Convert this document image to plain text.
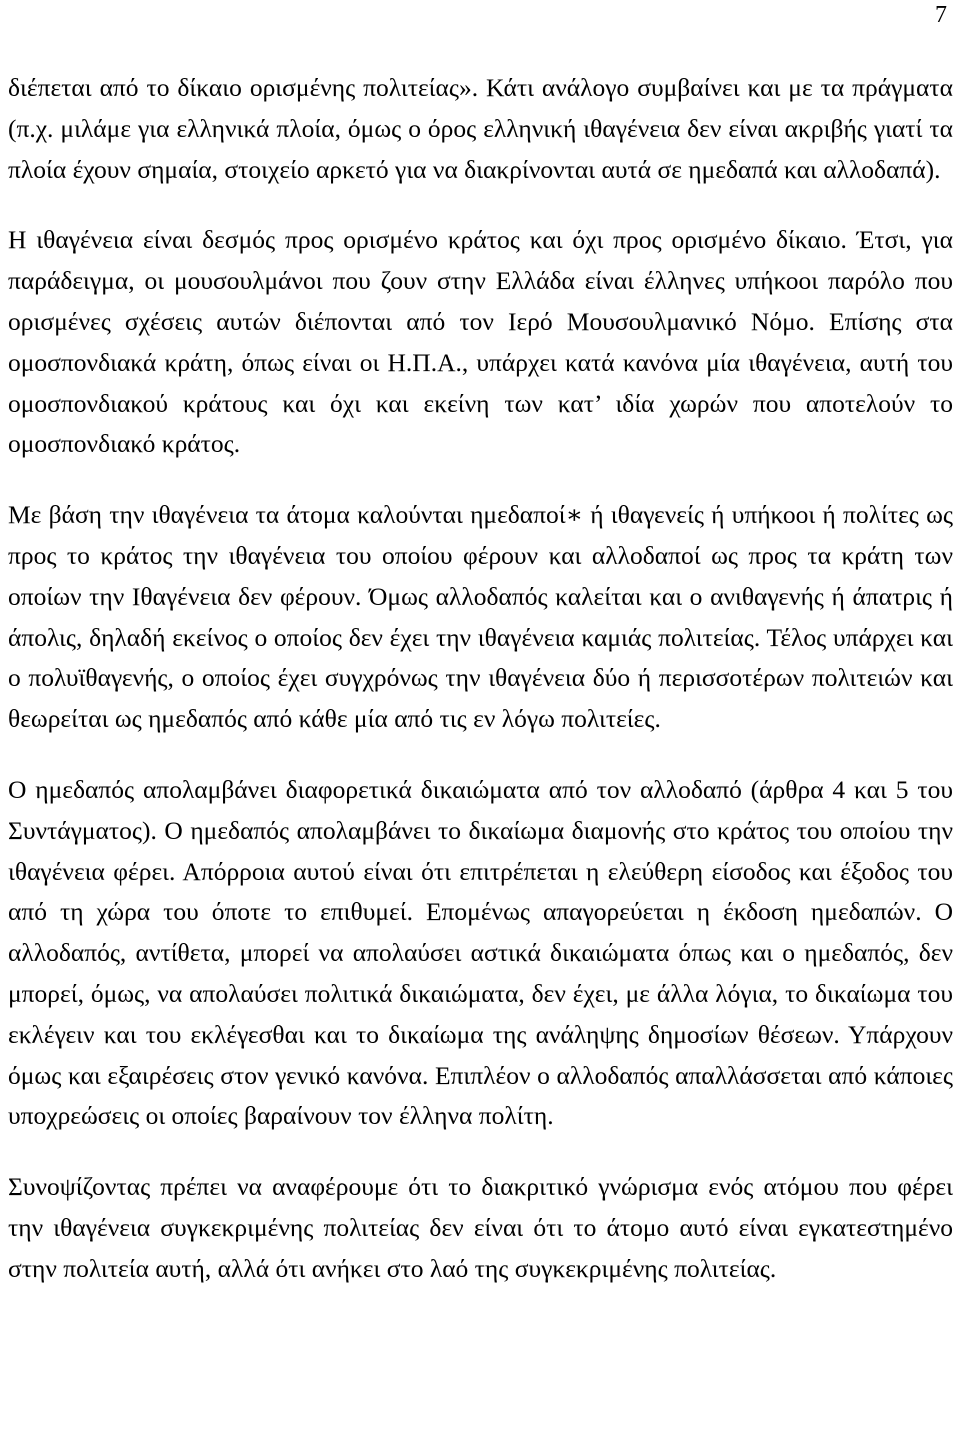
7

διέπεται από το δίκαιο ορισμένης πολιτείας». Κάτι ανάλογο συμβαίνει και με τα πράγματα (π.χ. μιλάμε για ελληνικά πλοία, όμως ο όρος ελληνική ιθαγένεια δεν είναι ακριβής γιατί τα πλοία έχουν σημαία, στοιχείο αρκετό για να διακρίνονται αυτά σε ημεδαπά και αλλοδαπά).

Η ιθαγένεια είναι δεσμός προς ορισμένο κράτος και όχι προς ορισμένο δίκαιο. Έτσι, για παράδειγμα, οι μουσουλμάνοι που ζουν στην Ελλάδα είναι έλληνες υπήκοοι παρόλο που ορισμένες σχέσεις αυτών διέπονται από τον Ιερό Μουσουλμανικό Νόμο. Επίσης στα ομοσπονδιακά κράτη, όπως είναι οι Η.Π.Α., υπάρχει κατά κανόνα μία ιθαγένεια, αυτή του ομοσπονδιακού κράτους και όχι και εκείνη των κατ’ ιδία χωρών που αποτελούν το ομοσπονδιακό κράτος.

Με βάση την ιθαγένεια τα άτομα καλούνται ημεδαποί∗ ή ιθαγενείς ή υπήκοοι ή πολίτες ως προς το κράτος την ιθαγένεια του οποίου φέρουν και αλλοδαποί ως προς τα κράτη των οποίων την Ιθαγένεια δεν φέρουν. Όμως αλλοδαπός καλείται και ο ανιθαγενής ή άπατρις ή άπολις, δηλαδή εκείνος ο οποίος δεν έχει την ιθαγένεια καμιάς πολιτείας. Τέλος υπάρχει και ο πολυϊθαγενής, ο οποίος έχει συγχρόνως την ιθαγένεια δύο ή περισσοτέρων πολιτειών και θεωρείται ως ημεδαπός από κάθε μία από τις εν λόγω πολιτείες.

Ο ημεδαπός απολαμβάνει διαφορετικά δικαιώματα από τον αλλοδαπό (άρθρα 4 και 5 του Συντάγματος). Ο ημεδαπός απολαμβάνει το δικαίωμα διαμονής στο κράτος του οποίου την ιθαγένεια φέρει. Απόρροια αυτού είναι ότι επιτρέπεται η ελεύθερη είσοδος και έξοδος του από τη χώρα του όποτε το επιθυμεί. Επομένως απαγορεύεται η έκδοση ημεδαπών. Ο αλλοδαπός, αντίθετα, μπορεί να απολαύσει αστικά δικαιώματα όπως και ο ημεδαπός, δεν μπορεί, όμως, να απολαύσει πολιτικά δικαιώματα, δεν έχει, με άλλα λόγια, το δικαίωμα του εκλέγειν και του εκλέγεσθαι και το δικαίωμα της ανάληψης δημοσίων θέσεων. Υπάρχουν όμως και εξαιρέσεις στον γενικό κανόνα. Επιπλέον ο αλλοδαπός απαλλάσσεται από κάποιες υποχρεώσεις οι οποίες βαραίνουν τον έλληνα πολίτη.

Συνοψίζοντας πρέπει να αναφέρουμε ότι το διακριτικό γνώρισμα ενός ατόμου που φέρει την ιθαγένεια συγκεκριμένης πολιτείας δεν είναι ότι το άτομο αυτό είναι εγκατεστημένο στην πολιτεία αυτή, αλλά ότι ανήκει στο λαό της συγκεκριμένης πολιτείας.
